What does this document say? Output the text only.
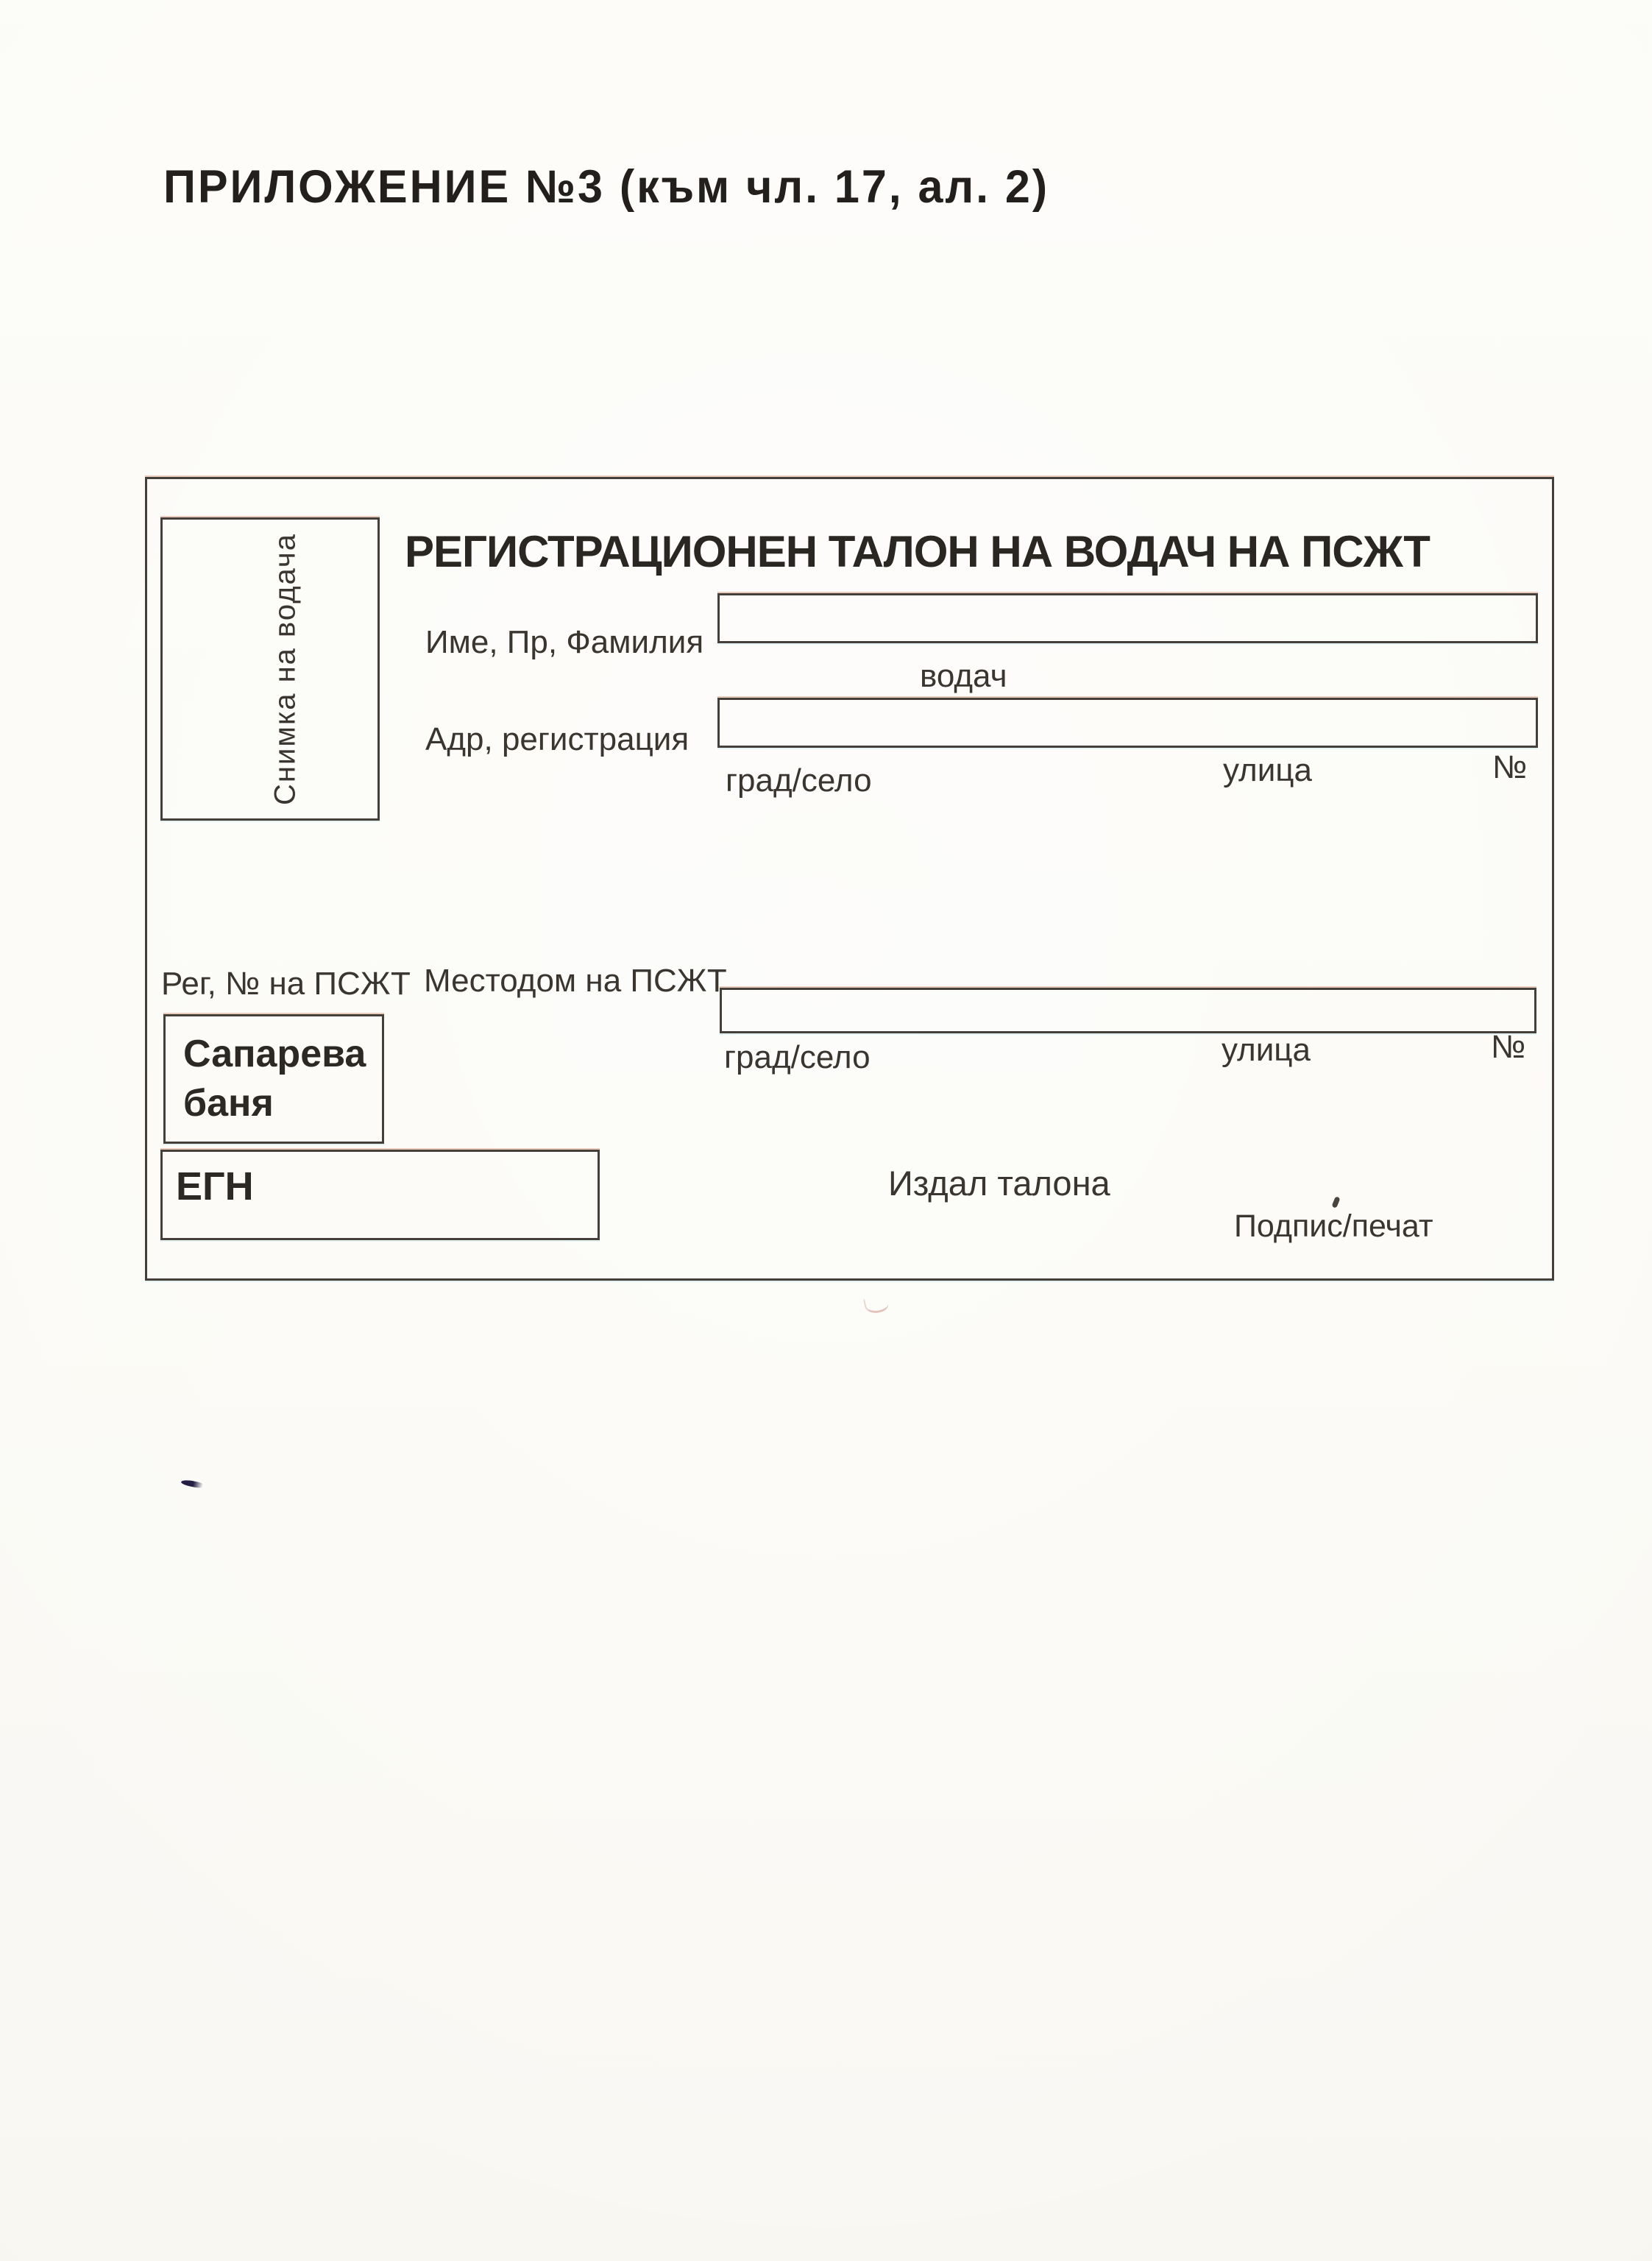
ПРИЛОЖЕНИЕ №3 (към чл. 17, ал. 2)
Снимка на водача РЕГИСТРАЦИОНЕН ТАЛОН НА ВОДАЧ НА ПСЖТ
Име, Пр, Фамилия
водач
Адр, регистрация
град/село	улица	№
Рег, № на ПСЖТ Местодом на ПСЖТ
град/село	улица	№
Сапарева баня
ЕГН	Издал талона
Подпис/печат
